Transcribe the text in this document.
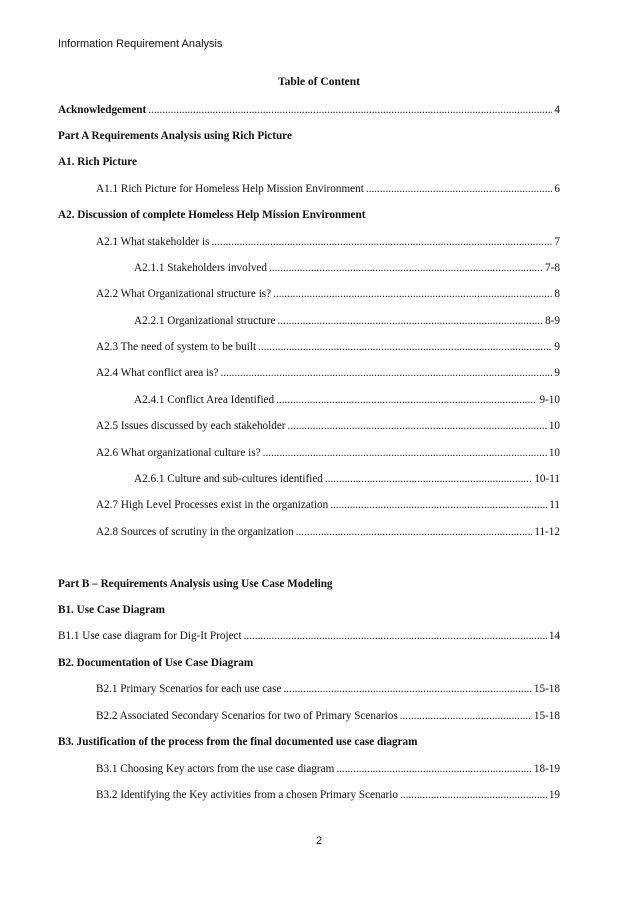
Information Requirement Analysis
Table of Content
Acknowledgement . . .	4
Part A Requirements Analysis using Rich Picture
A1. Rich Picture
A1.1 Rich Picture for Homeless Help Mission Environment . . .	6
A2. Discussion of complete Homeless Help Mission Environment
A2.1 What stakeholder is . . .	7
A2.1.1 Stakeholders involved . . .	7-8
A2.2 What Organizational structure is? . . .	8
A2.2.1 Organizational structure . . .	8-9
A2.3 The need of system to be built . . .	9
A2.4 What conflict area is? . . .	9
A2.4.1 Conflict Area Identified . . .	9-10
A2.5 Issues discussed by each stakeholder . . .	10
A2.6 What organizational culture is? . . .	10
A2.6.1 Culture and sub-cultures identified . . .	10-11
A2.7 High Level Processes exist in the organization . . .	11
A2.8 Sources of scrutiny in the organization . . .	11-12
Part B – Requirements Analysis using Use Case Modeling
B1. Use Case Diagram
B1.1 Use case diagram for Dig-It Project . . .	14
B2. Documentation of Use Case Diagram
B2.1 Primary Scenarios for each use case . . .	15-18
B2.2 Associated Secondary Scenarios for two of Primary Scenarios . . .	15-18
B3. Justification of the process from the final documented use case diagram
B3.1 Choosing Key actors from the use case diagram . . .	18-19
B3.2 Identifying the Key activities from a chosen Primary Scenario . . .	19
2
